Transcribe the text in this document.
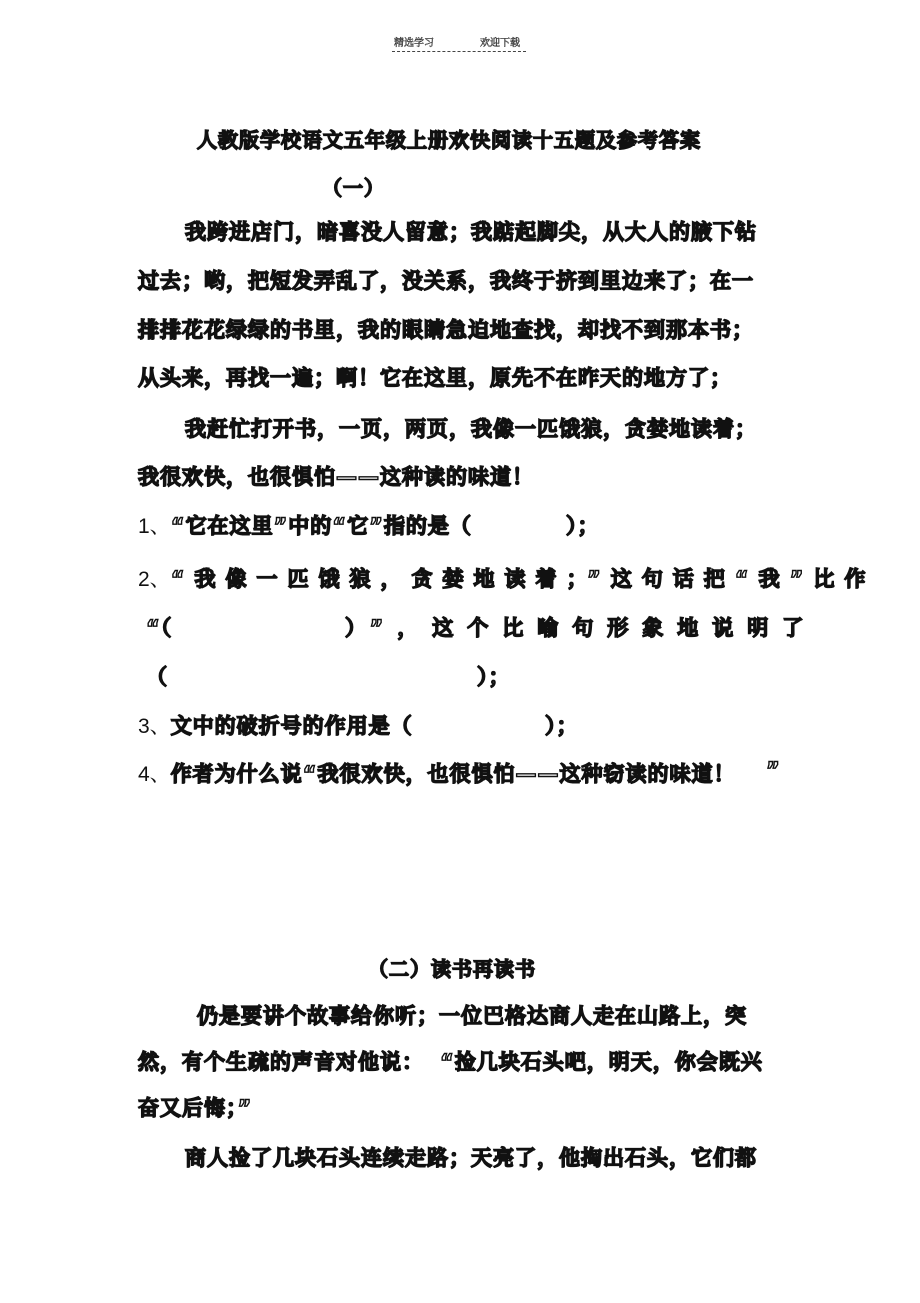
精选学习	欢迎下载
人教版学校语文五年级上册欢快阅读十五题及参考答案
（一）
我跨进店门，暗喜没人留意；我踮起脚尖，从大人的腋下钻
过去；哟，把短发弄乱了，没关系，我终于挤到里边来了；在一
排排花花绿绿的书里，我的眼睛急迫地查找，却找不到那本书；
从头来，再找一遍；啊！它在这里，原先不在昨天的地方了；
我赶忙打开书，一页，两页，我像一匹饿狼，贪婪地读着；
我很欢快，也很惧怕——这种读的味道！
1、“它在这里”中的“它”指的是（	）；
2、 “我像一匹饿狼，贪婪地读着；”这句话把“我”比作
“（	）”，这个比喻句形象地说明了
（	）；
3、文中的破折号的作用是（	）；
4、作者为什么说“我很欢快，也很惧怕——这种窃读的味道！ ”
（二）读书再读书
仍是要讲个故事给你听；一位巴格达商人走在山路上，突
然，有个生疏的声音对他说： “捡几块石头吧，明天，你会既兴
奋又后悔；”
商人捡了几块石头连续走路；天亮了，他掏出石头，它们都
